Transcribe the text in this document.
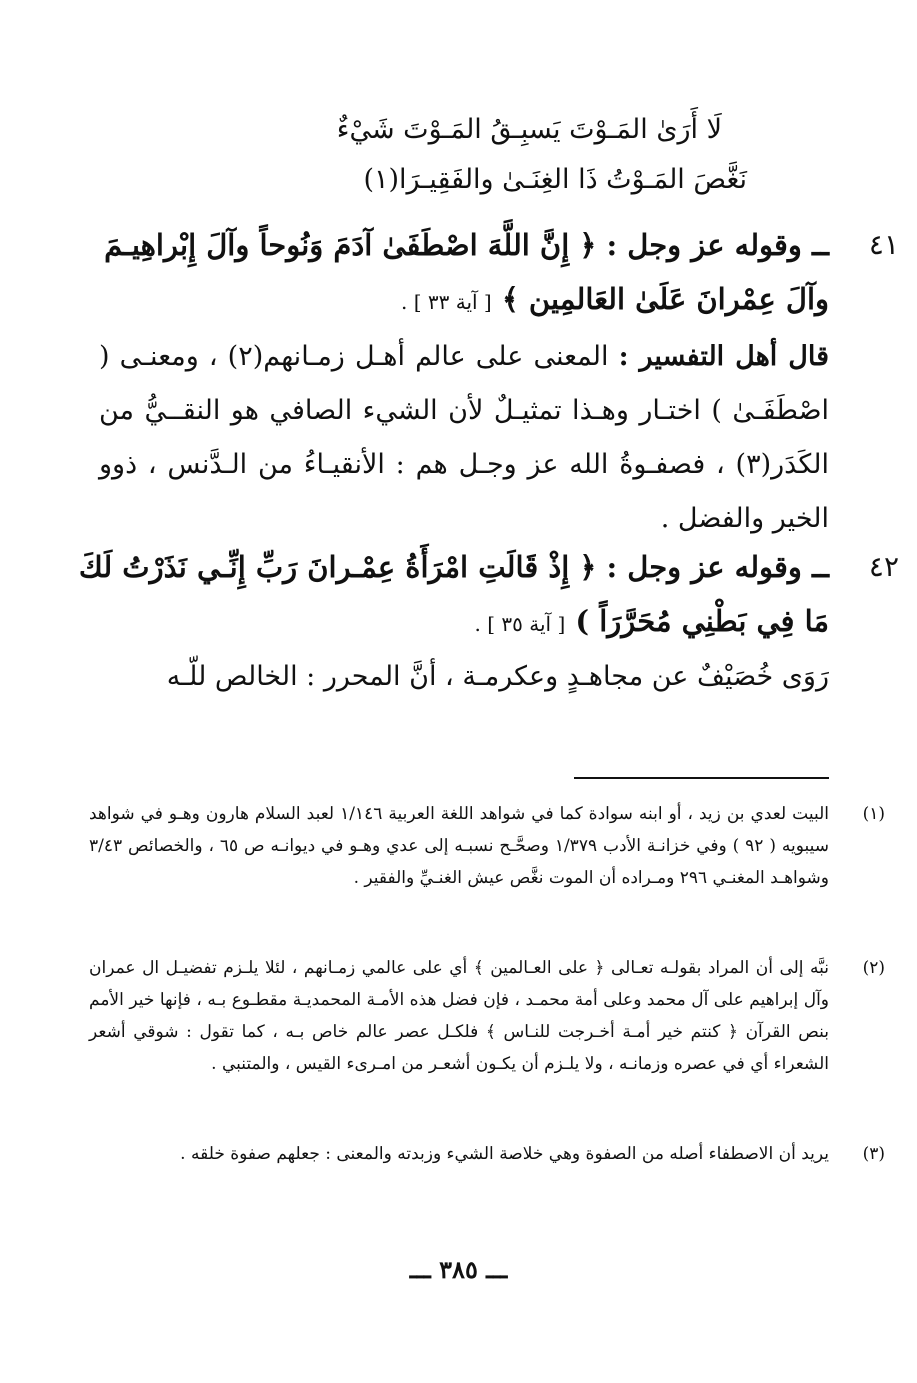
لَا أَرَىٰ المَـوْتَ يَسبِـقُ المَـوْتَ شَيْءٌ
نَغَّصَ المَـوْتُ ذَا الغِنَـىٰ والفَقِيـرَا(١)
٤١
ــ وقوله عز وجل : ﴿ إِنَّ اللَّهَ اصْطَفَىٰ آدَمَ وَنُوحاً وآلَ إِبْراهِيـمَ وآلَ عِمْرانَ عَلَىٰ العَالمِين ﴾ [ آية ٣٣ ] .
قال أهل التفسير : المعنى على عالم أهـل زمـانهم(٢) ، ومعنـى ( اصْطَفَـىٰ ) اختـار وهـذا تمثيـلٌ لأن الشيء الصافي هو النقــيُّ من الكَدَر(٣) ، فصفـوةُ الله عز وجـل هم : الأنقيـاءُ من الـدَّنس ، ذوو الخير والفضل .
٤٢
ــ وقوله عز وجل : ﴿ إِذْ قَالَتِ امْرَأَةُ عِمْـرانَ رَبِّ إِنِّـي نَذَرْتُ لَكَ مَا فِي بَطْنِي مُحَرَّرَاً ) [ آية ٣٥ ] .
رَوَى خُصَيْفٌ عن مجاهـدٍ وعكرمـة ، أنَّ المحرر : الخالص للّـه
(١)
البيت لعدي بن زيد ، أو ابنه سوادة كما في شواهد اللغة العربية ١/١٤٦ لعبد السلام هارون وهـو في شواهد سيبويه ( ٩٢ ) وفي خزانـة الأدب ١/٣٧٩ وصحَّـح نسبـه إلى عدي وهـو في ديوانـه ص ٦٥ ، والخصائص ٣/٤٣ وشواهـد المغنـي ٢٩٦ ومـراده أن الموت نغَّص عيش الغنـيِّ والفقير .
(٢)
نبَّه إلى أن المراد بقولـه تعـالى ﴿ على العـالمين ﴾ أي على عالمي زمـانهم ، لئلا يلـزم تفضيـل ال عمران وآل إبراهيم على آل محمد وعلى أمة محمـد ، فإن فضل هذه الأمـة المحمديـة مقطـوع بـه ، فإنها خير الأمم بنص القرآن ﴿ كنتم خير أمـة أخـرجت للنـاس ﴾ فلكـل عصر عالم خاص بـه ، كما تقول : شوقي أشعر الشعراء أي في عصره وزمانـه ، ولا يلـزم أن يكـون أشعـر من امـرىء القيس ، والمتنبي .
(٣)
يريد أن الاصطفاء أصله من الصفوة وهي خلاصة الشيء وزبدته والمعنى : جعلهم صفوة خلقه .
ـــ ٣٨٥ ـــ
